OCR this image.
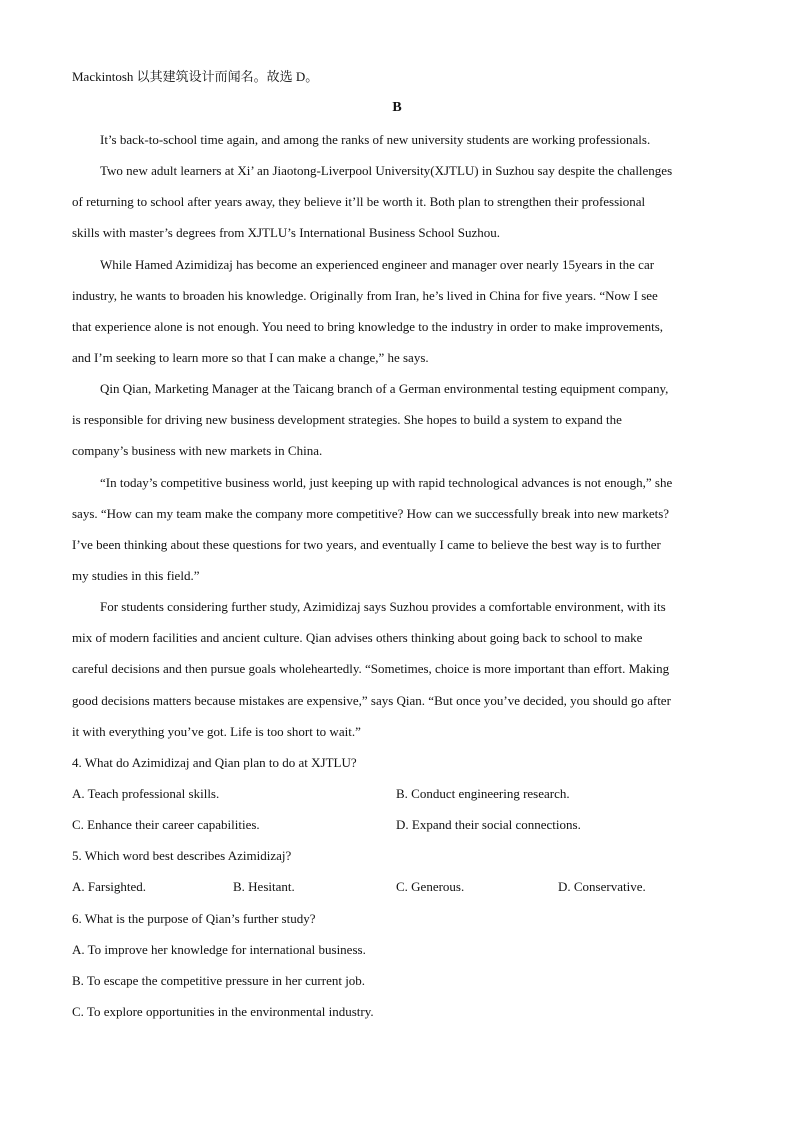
Mackintosh 以其建筑设计而闻名。故选 D。
B
It’s back-to-school time again, and among the ranks of new university students are working professionals.
Two new adult learners at Xi’ an Jiaotong-Liverpool University(XJTLU) in Suzhou say despite the challenges
of returning to school after years away, they believe it’ll be worth it. Both plan to strengthen their professional
skills with master’s degrees from XJTLU’s International Business School Suzhou.
While Hamed Azimidizaj has become an experienced engineer and manager over nearly 15years in the car
industry, he wants to broaden his knowledge. Originally from Iran, he’s lived in China for five years. “Now I see
that experience alone is not enough. You need to bring knowledge to the industry in order to make improvements,
and I’m seeking to learn more so that I can make a change,” he says.
Qin Qian, Marketing Manager at the Taicang branch of a German environmental testing equipment company,
is responsible for driving new business development strategies. She hopes to build a system to expand the
company’s business with new markets in China.
“In today’s competitive business world, just keeping up with rapid technological advances is not enough,” she
says. “How can my team make the company more competitive? How can we successfully break into new markets?
I’ve been thinking about these questions for two years, and eventually I came to believe the best way is to further
my studies in this field.”
For students considering further study, Azimidizaj says Suzhou provides a comfortable environment, with its
mix of modern facilities and ancient culture. Qian advises others thinking about going back to school to make
careful decisions and then pursue goals wholeheartedly. “Sometimes, choice is more important than effort. Making
good decisions matters because mistakes are expensive,” says Qian. “But once you’ve decided, you should go after
it with everything you’ve got. Life is too short to wait.”
4. What do Azimidizaj and Qian plan to do at XJTLU?
A. Teach professional skills.	B. Conduct engineering research.
C. Enhance their career capabilities.	D. Expand their social connections.
5. Which word best describes Azimidizaj?
A. Farsighted.	B. Hesitant.	C. Generous.	D. Conservative.
6. What is the purpose of Qian’s further study?
A. To improve her knowledge for international business.
B. To escape the competitive pressure in her current job.
C. To explore opportunities in the environmental industry.
